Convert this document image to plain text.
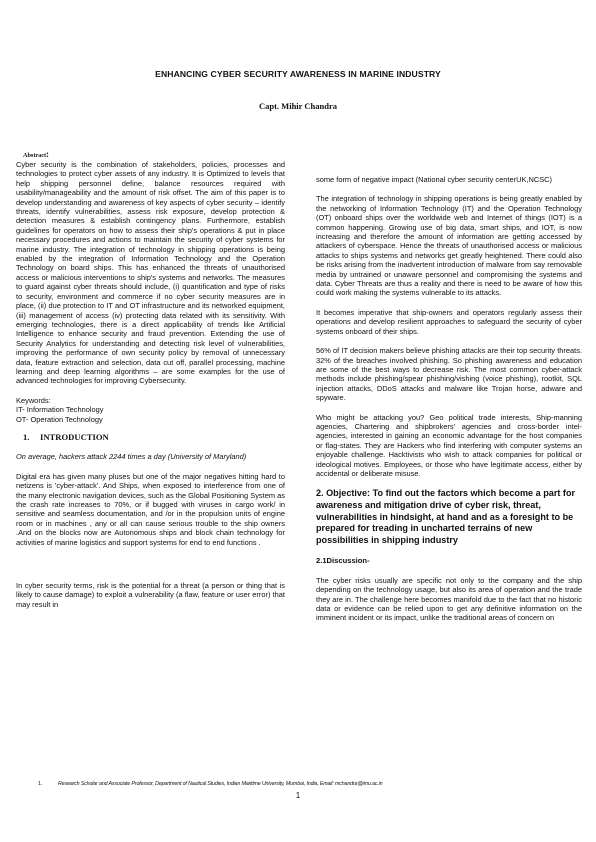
ENHANCING CYBER SECURITY AWARENESS IN MARINE INDUSTRY
Capt. Mihir Chandra
Abstract:

Cyber security is the combination of stakeholders, policies, processes and technologies to protect cyber assets of any industry. It is Optimized to levels that help shipping personnel define, balance resources required with usability/manageability and the amount of risk offset. The aim of this paper is to develop understanding and awareness of key aspects of cyber security – identify threats, identify vulnerabilities, assess risk exposure, develop protection & detection measures & establish contingency plans. Furthermore, establish guidelines for operators on how to assess their ship's operations & put in place necessary procedures and actions to maintain the security of cyber systems for marine industry. The integration of technology in shipping operations is being enabled by the integration of Information Technology and the Operation Technology on board ships. This has enhanced the threats of unauthorised access or malicious interventions to ship's systems and networks. The measures to guard against cyber threats should include, (i) quantification and type of risks to security, environment and commerce if no cyber security measures are in place, (ii) due protection to IT and OT infrastructure and its networked equipment, (iii) management of access (iv) protecting data related with its sensitivity. With emerging technologies, there is a direct applicability of trends like Artificial Intelligence to enhance security and fraud prevention. Extending the use of Security Analytics for understanding and detecting risk level of vulnerabilities, improving the performance of own security policy by removal of unnecessary data, feature extraction and selection, data cut off, parallel processing, machine learning and deep learning algorithms – are some examples for the use of advanced technologies for improving Cybersecurity.

Keywords:
IT- Information Technology
OT- Operation Technology
1. INTRODUCTION

On average, hackers attack 2244 times a day (University of Maryland)

Digital era has given many pluses but one of the major negatives hitting hard to netizens is 'cyber-attack'. And Ships, when exposed to interference from one of the many electronic navigation devices, such as the Global Positioning System as the crash rate increases to 70%, or if bugged with viruses in cargo work/ in sensitive and seamless documentation, and /or in the propulsion units of engine room or in machines , any or all can cause serious trouble to the ship owners .And on the blocks now are Autonomous ships and block chain technology for activities of marine logistics and support systems for end to end functions .

In cyber security terms, risk is the potential for a threat (a person or thing that is likely to cause damage) to exploit a vulnerability (a flaw, feature or user error) that may result in

some form of negative impact (National cyber security centerUK,NCSC)

The integration of technology in shipping operations is being greatly enabled by the networking of Information Technology (IT) and the Operation Technology (OT) onboard ships over the worldwide web and Internet of things (IOT) is a common happening. Growing use of big data, smart ships, and IOT, is now increasing and therefore the amount of information are getting accessed by attackers of cyberspace. Hence the threats of unauthorised access or malicious attacks to ships systems and networks get greatly heightened. There could also be risks arising from the inadvertent introduction of malware from say removable media by untrained or unaware personnel and compromising the systems and data. Cyber Threats are thus a reality and there is need to be aware of how this could work making the systems vulnerable to its attacks.

It becomes imperative that ship-owners and operators regularly assess their operations and develop resilient approaches to safeguard the security of cyber systems onboard of their ships.

56% of IT decision makers believe phishing attacks are their top security threats. 32% of the breaches involved phishing. So phishing awareness and education are some of the best ways to decrease risk. The most common cyber-attack methods include phishing/spear phishing/vishing (voice phishing), rootkit, SQL injection attacks, DDoS attacks and malware like Trojan horse, adware and spyware.

Who might be attacking you? Geo political trade interests, Ship-manning agencies, Chartering and shipbrokers' agencies and cross-border intel- agencies, interested in gaining an economic advantage for the host companies or flag-states. They are Hackers who find interfering with computer systems an enjoyable challenge. Hacktivists who wish to attack companies for political or ideological motives. Employees, or those who have legitimate access, either by accidental or deliberate misuse.

2. Objective: To find out the factors which become a part for awareness and mitigation drive of cyber risk, threat, vulnerabilities in hindsight, at hand and as a foresight to be prepared for treading in uncharted terrains of new possibilities in shipping industry
2.1Discussion-

The cyber risks usually are specific not only to the company and the ship depending on the technology usage, but also its area of operation and the trade they are in. The challenge here becomes manifold due to the fact that no historic data or evidence can be relied upon to get any definitive information on the imminent incident or its impact, unlike the traditional areas of concern on

1.	Research Scholar and Associate Professor, Department of Nautical Studies, Indian Maritime University, Mumbai, India, Email: mchandra@imu.ac.in
1
